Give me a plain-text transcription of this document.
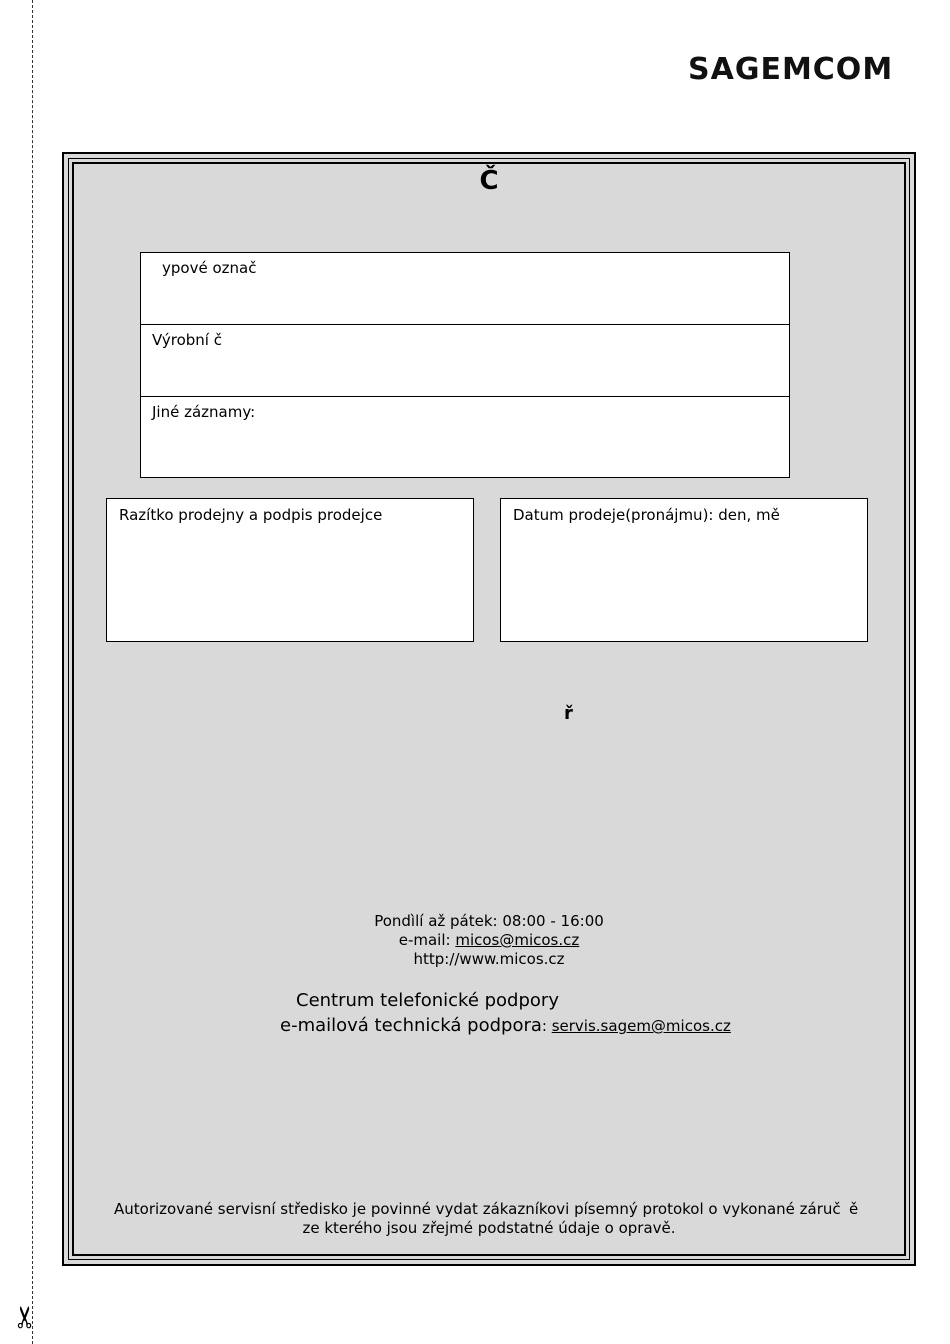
✂
SAGEMCOM
Č
ypové označ
Výrobní č
Jiné záznamy:
Razítko prodejny a podpis prodejce	Datum prodeje(pronájmu): den, mě
ř
Pondìlí až pátek: 08:00 - 16:00
e-mail: micos@micos.cz
http://www.micos.cz
Centrum telefonické podpory
e-mailová technická podpora: servis.sagem@micos.cz
Autorizované servisní středisko je povinné vydat zákazníkovi písemný protokol o vykonané záruč ě
ze kterého jsou zřejmé podstatné údaje o opravě.
